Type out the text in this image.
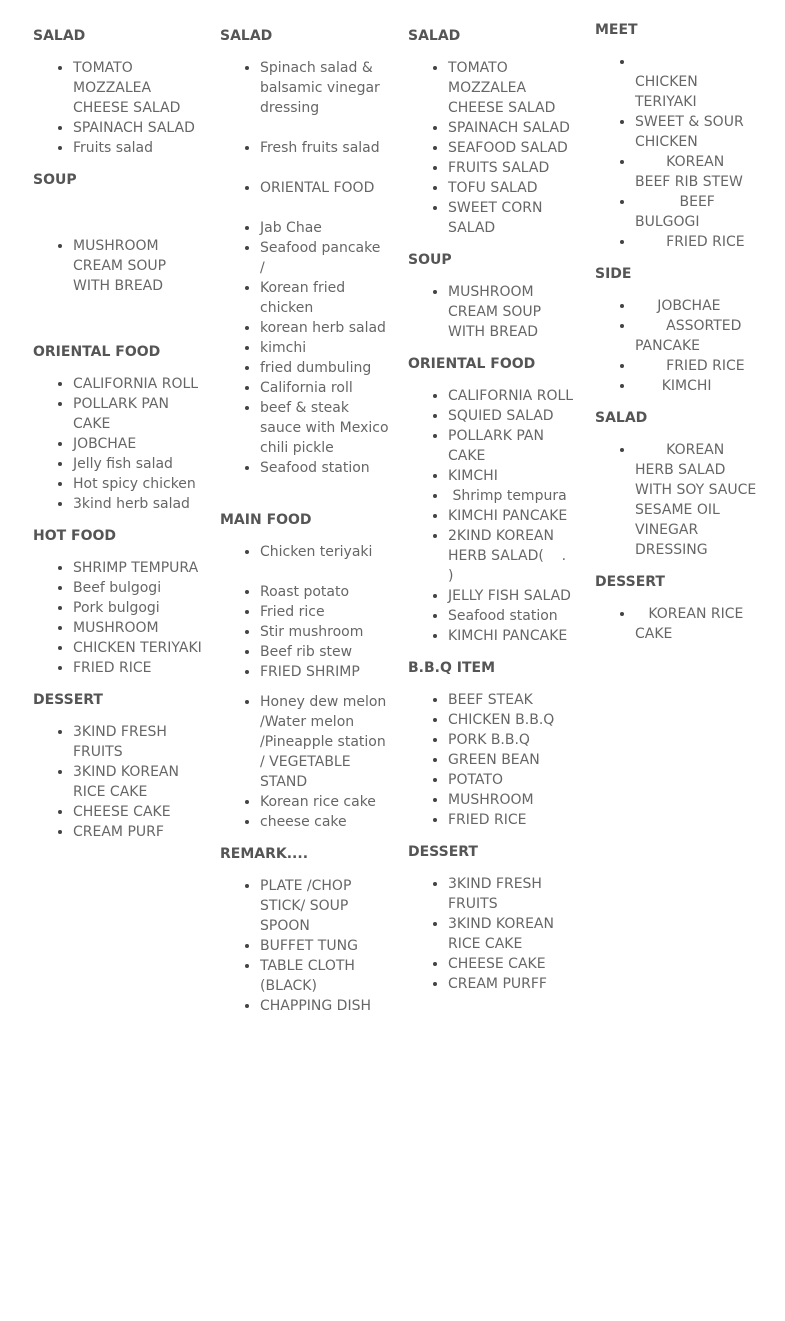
SALAD
• TOMATO MOZZALEA CHEESE SALAD
• SPAINACH SALAD
• Fruits salad
SOUP
• MUSHROOM CREAM SOUP WITH BREAD
ORIENTAL FOOD
• CALIFORNIA ROLL
• POLLARK PAN CAKE
• JOBCHAE
• Jelly fish salad
• Hot spicy chicken
• 3kind herb salad
HOT FOOD
• SHRIMP TEMPURA
• Beef bulgogi
• Pork bulgogi
• MUSHROOM
• CHICKEN TERIYAKI
• FRIED RICE
DESSERT
• 3KIND FRESH FRUITS
• 3KIND KOREAN RICE CAKE
• CHEESE CAKE
• CREAM PURF
SALAD
• Spinach salad & balsamic vinegar dressing
• Fresh fruits salad
• ORIENTAL FOOD
• Jab Chae
• Seafood pancake          /
• Korean fried chicken
• korean herb salad
• kimchi
• fried dumbuling
• California roll
• beef & steak sauce with Mexico chili pickle
• Seafood station
MAIN FOOD
• Chicken teriyaki
• Roast potato
• Fried rice
• Stir mushroom
• Beef rib stew
• FRIED SHRIMP
• Honey dew melon      /Water melon      /Pineapple station / VEGETABLE STAND
• Korean rice cake
• cheese cake
REMARK....
• PLATE /CHOP STICK/ SOUP SPOON
• BUFFET TUNG
• TABLE CLOTH (BLACK)
• CHAPPING DISH
SALAD
• TOMATO MOZZALEA CHEESE SALAD
• SPAINACH SALAD
• SEAFOOD SALAD
• FRUITS SALAD
• TOFU SALAD
• SWEET CORN SALAD
SOUP
• MUSHROOM CREAM SOUP WITH BREAD
ORIENTAL FOOD
• CALIFORNIA ROLL
• SQUIED SALAD
• POLLARK PAN CAKE
• KIMCHI
•  Shrimp tempura
• KIMCHI PANCAKE
• 2KIND KOREAN HERB SALAD(    .      )
• JELLY FISH SALAD
• Seafood station
• KIMCHI PANCAKE
B.B.Q ITEM
• BEEF STEAK
• CHICKEN B.B.Q
• PORK B.B.Q
• GREEN BEAN
• POTATO
• MUSHROOM
• FRIED RICE
DESSERT
• 3KIND FRESH FRUITS
• 3KIND KOREAN RICE CAKE
• CHEESE CAKE
• CREAM PURFF
MEET
•               CHICKEN TERIYAKI
• SWEET & SOUR CHICKEN
•        KOREAN BEEF RIB STEW
•           BEEF BULGOGI
•        FRIED RICE
SIDE
•      JOBCHAE
•        ASSORTED PANCAKE
•        FRIED RICE
•       KIMCHI
SALAD
•        KOREAN HERB SALAD WITH SOY SAUCE SESAME OIL VINEGAR DRESSING
DESSERT
•    KOREAN RICE CAKE
